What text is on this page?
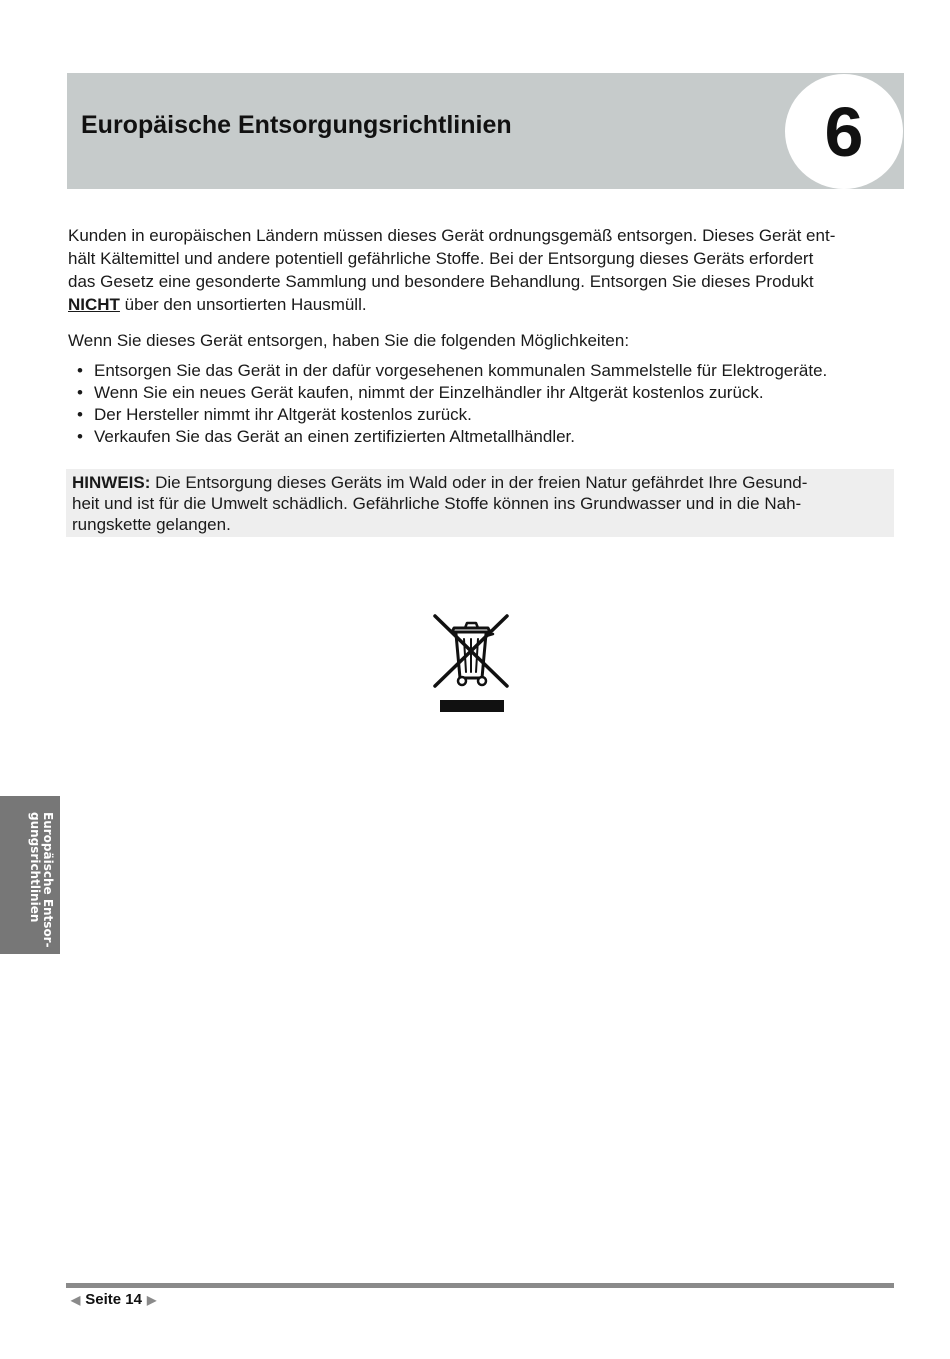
Europäische Entsorgungsrichtlinien	6
Kunden in europäischen Ländern müssen dieses Gerät ordnungsgemäß entsorgen. Dieses Gerät ent-
hält Kältemittel und andere potentiell gefährliche Stoffe. Bei der Entsorgung dieses Geräts erfordert
das Gesetz eine gesonderte Sammlung und besondere Behandlung. Entsorgen Sie dieses Produkt
NICHT über den unsortierten Hausmüll.
Wenn Sie dieses Gerät entsorgen, haben Sie die folgenden Möglichkeiten:
• Entsorgen Sie das Gerät in der dafür vorgesehenen kommunalen Sammelstelle für Elektrogeräte.
• Wenn Sie ein neues Gerät kaufen, nimmt der Einzelhändler ihr Altgerät kostenlos zurück.
• Der Hersteller nimmt ihr Altgerät kostenlos zurück.
• Verkaufen Sie das Gerät an einen zertifizierten Altmetallhändler.
HINWEIS: Die Entsorgung dieses Geräts im Wald oder in der freien Natur gefährdet Ihre Gesund-
heit und ist für die Umwelt schädlich. Gefährliche Stoffe können ins Grundwasser und in die Nah-
rungskette gelangen.
Europäische Entsor-
gungsrichtlinien
◀ Seite 14 ▶
